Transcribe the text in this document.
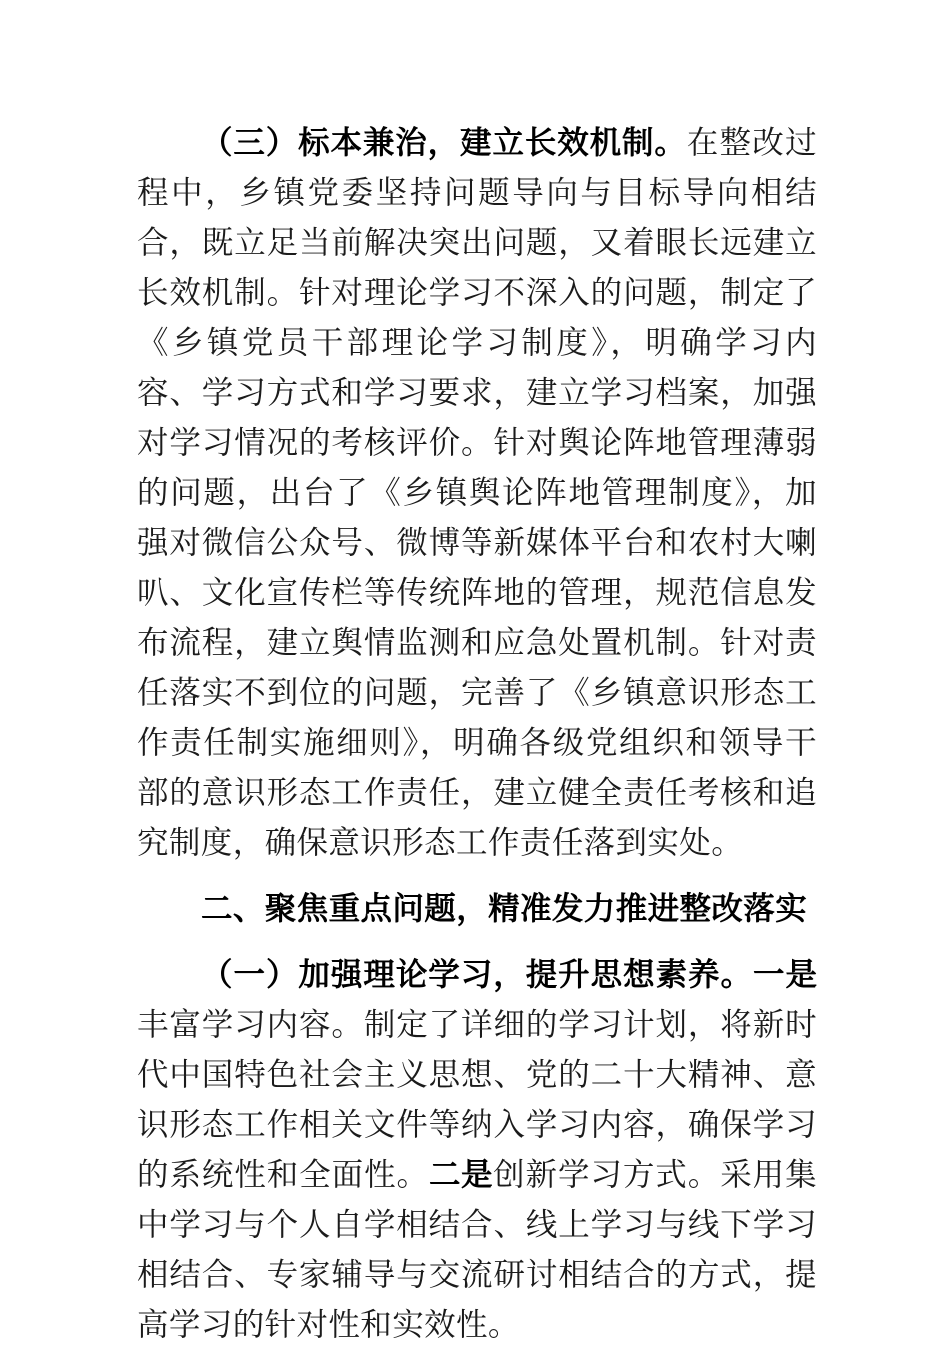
（三）标本兼治，建立长效机制。在整改过程中，乡镇党委坚持问题导向与目标导向相结合，既立足当前解决突出问题，又着眼长远建立长效机制。针对理论学习不深入的问题，制定了《乡镇党员干部理论学习制度》，明确学习内容、学习方式和学习要求，建立学习档案，加强对学习情况的考核评价。针对舆论阵地管理薄弱的问题，出台了《乡镇舆论阵地管理制度》，加强对微信公众号、微博等新媒体平台和农村大喇叭、文化宣传栏等传统阵地的管理，规范信息发布流程，建立舆情监测和应急处置机制。针对责任落实不到位的问题，完善了《乡镇意识形态工作责任制实施细则》，明确各级党组织和领导干部的意识形态工作责任，建立健全责任考核和追究制度，确保意识形态工作责任落到实处。

二、聚焦重点问题，精准发力推进整改落实

（一）加强理论学习，提升思想素养。一是丰富学习内容。制定了详细的学习计划，将新时代中国特色社会主义思想、党的二十大精神、意识形态工作相关文件等纳入学习内容，确保学习的系统性和全面性。二是创新学习方式。采用集中学习与个人自学相结合、线上学习与线下学习相结合、专家辅导与交流研讨相结合的方式，提高学习的针对性和实效性。
